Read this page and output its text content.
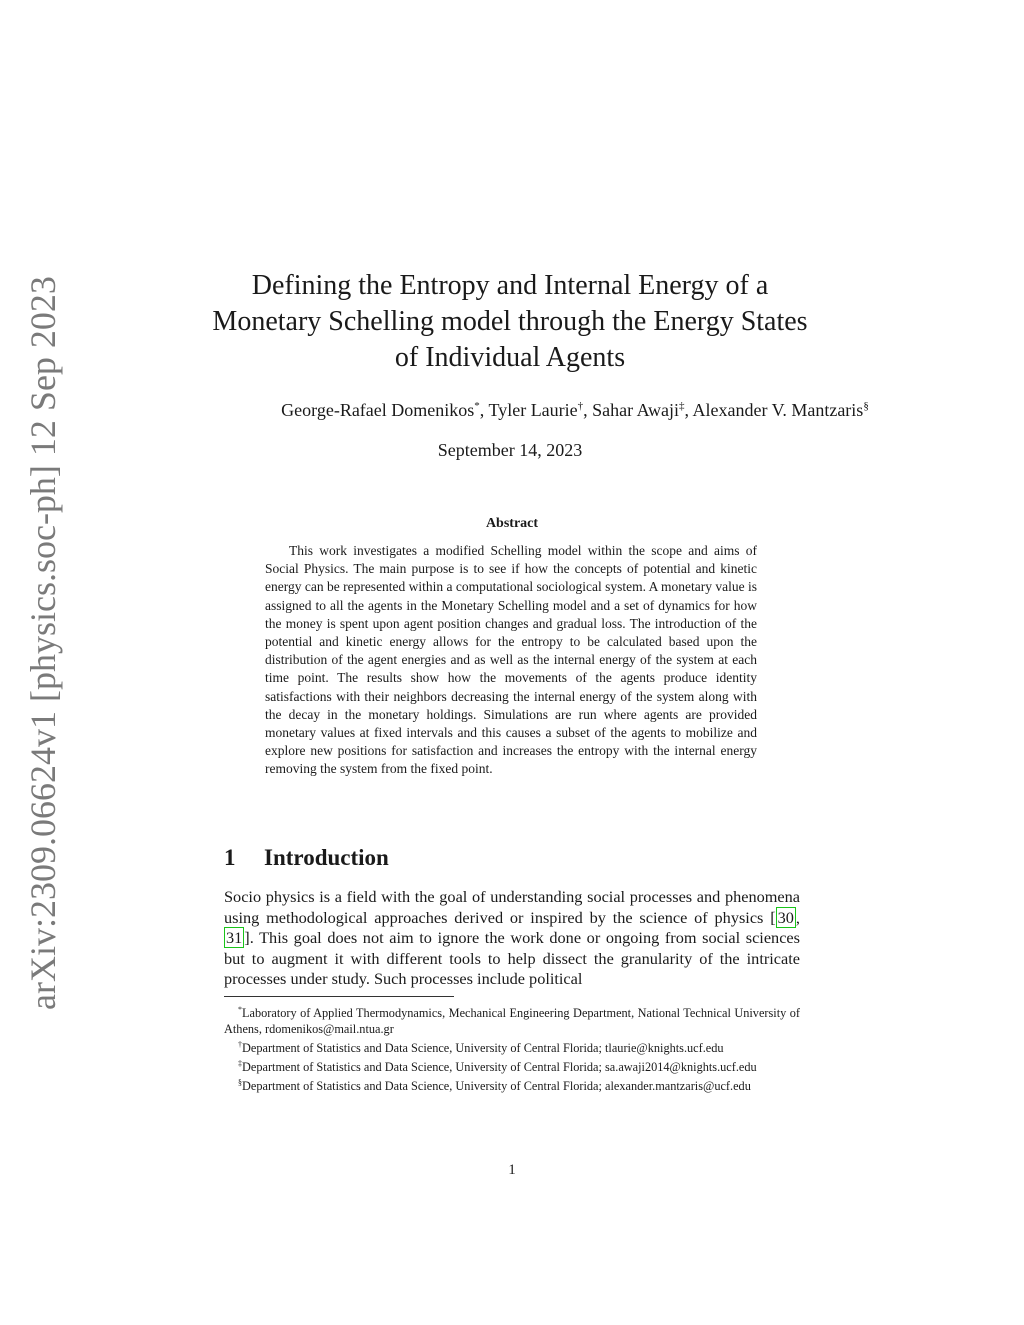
arXiv:2309.06624v1 [physics.soc-ph] 12 Sep 2023	Defining the Entropy and Internal Energy of a Monetary Schelling model through the Energy States of Individual Agents
George-Rafael Domenikos*, Tyler Laurie†, Sahar Awaji‡, Alexander V. Mantzaris§
September 14, 2023
Abstract
This work investigates a modified Schelling model within the scope and aims of Social Physics. The main purpose is to see if how the concepts of potential and kinetic energy can be represented within a computational sociological system. A monetary value is assigned to all the agents in the Monetary Schelling model and a set of dynamics for how the money is spent upon agent position changes and gradual loss. The introduction of the potential and kinetic energy allows for the entropy to be calculated based upon the distribution of the agent energies and as well as the internal energy of the system at each time point. The results show how the movements of the agents produce identity satisfactions with their neighbors decreasing the internal energy of the system along with the decay in the monetary holdings. Simulations are run where agents are provided monetary values at fixed intervals and this causes a subset of the agents to mobilize and explore new positions for satisfaction and increases the entropy with the internal energy removing the system from the fixed point.
1 Introduction
Socio physics is a field with the goal of understanding social processes and phenomena using methodological approaches derived or inspired by the science of physics [ 30 , 31 ]. This goal does not aim to ignore the work done or ongoing from social sciences but to augment it with different tools to help dissect the granularity of the intricate processes under study. Such processes include political

*Laboratory of Applied Thermodynamics, Mechanical Engineering Department, National Technical University of Athens, rdomenikos@mail.ntua.gr

†Department of Statistics and Data Science, University of Central Florida; tlaurie@knights.ucf.edu

‡Department of Statistics and Data Science, University of Central Florida; sa.awaji2014@knights.ucf.edu

§Department of Statistics and Data Science, University of Central Florida; alexander.mantzaris@ucf.edu

1
